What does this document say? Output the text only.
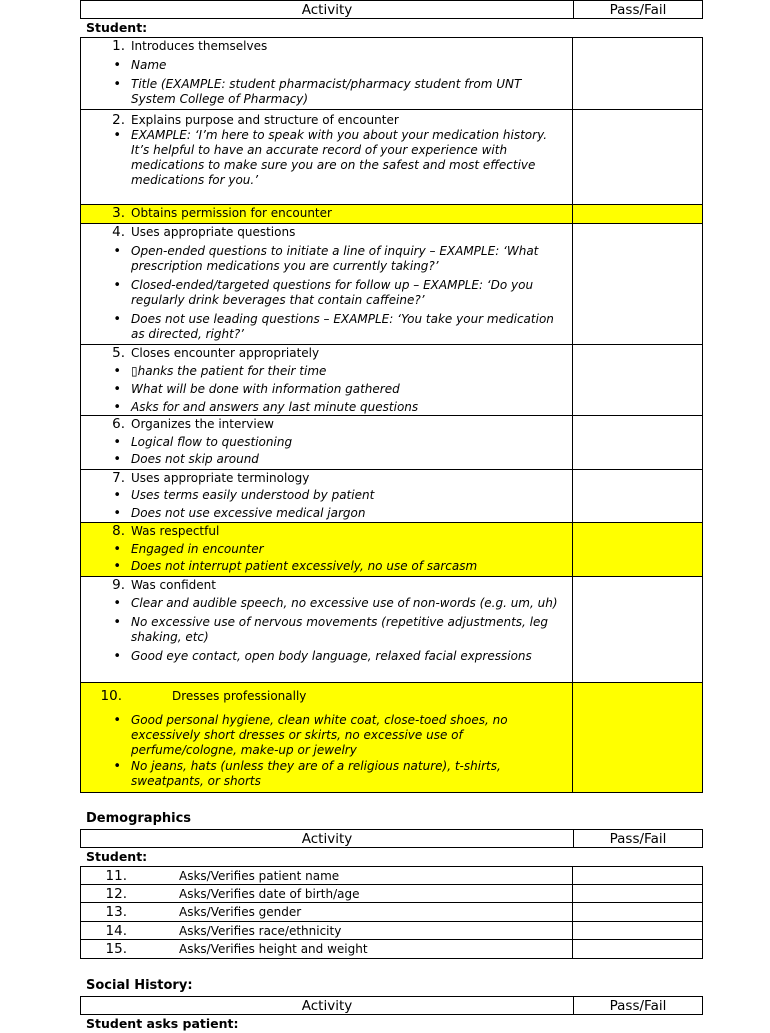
Activity	Pass/Fail
Student:
1. Introduces themselves
• Name
• Title (EXAMPLE: student pharmacist/pharmacy student from UNT System College of Pharmacy)
2. Explains purpose and structure of encounter
• EXAMPLE: ‘I’m here to speak with you about your medication history.
It’s helpful to have an accurate record of your experience with medications to make sure you are on the safest and most effective medications for you.’
3. Obtains permission for encounter
4. Uses appropriate questions
• Open-ended questions to initiate a line of inquiry – EXAMPLE: ‘What prescription medications you are currently taking?’
• Closed-ended/targeted questions for follow up – EXAMPLE: ‘Do you regularly drink beverages that contain caffeine?’
• Does not use leading questions – EXAMPLE: ‘You take your medication as directed, right?’
5. Closes encounter appropriately
• ▯hanks the patient for their time
• What will be done with information gathered
• Asks for and answers any last minute questions
6. Organizes the interview
• Logical flow to questioning
• Does not skip around
7. Uses appropriate terminology
• Uses terms easily understood by patient
• Does not use excessive medical jargon
8. Was respectful
• Engaged in encounter
• Does not interrupt patient excessively, no use of sarcasm
9. Was confident
• Clear and audible speech, no excessive use of non-words (e.g. um, uh)
• No excessive use of nervous movements (repetitive adjustments, leg shaking, etc)
• Good eye contact, open body language, relaxed facial expressions
10.	Dresses professionally
• Good personal hygiene, clean white coat, close-toed shoes, no excessively short dresses or skirts, no excessive use of perfume/cologne, make-up or jewelry
• No jeans, hats (unless they are of a religious nature), t-shirts, sweatpants, or shorts
Demographics
Activity	Pass/Fail
Student:
11.	Asks/Verifies patient name
12.	Asks/Verifies date of birth/age
13.	Asks/Verifies gender
14.	Asks/Verifies race/ethnicity
15.	Asks/Verifies height and weight
Social History:
Activity	Pass/Fail
Student asks patient:
